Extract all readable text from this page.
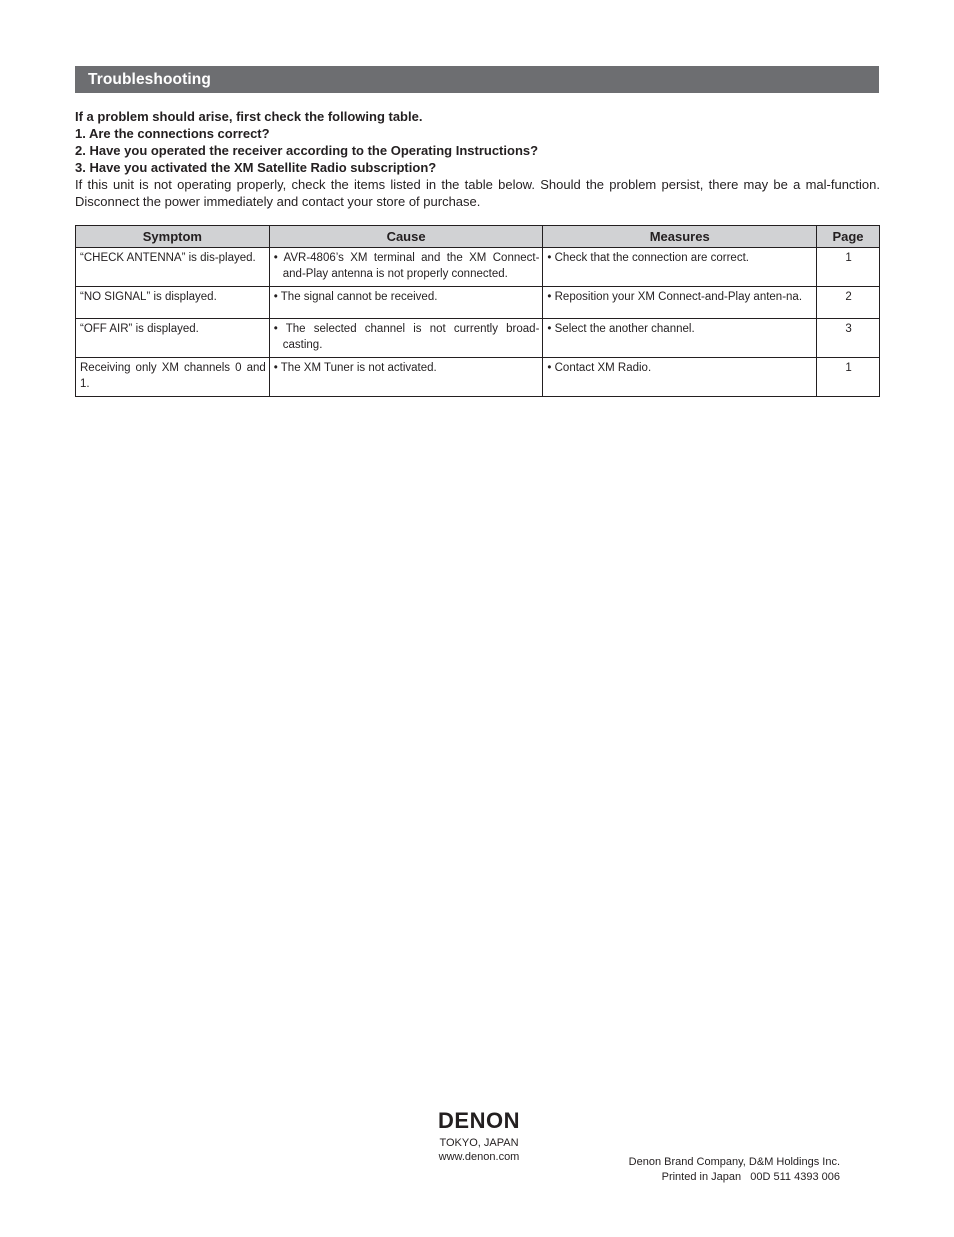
Troubleshooting
If a problem should arise, first check the following table.
1. Are the connections correct?
2. Have you operated the receiver according to the Operating Instructions?
3. Have you activated the XM Satellite Radio subscription?
If this unit is not operating properly, check the items listed in the table below. Should the problem persist, there may be a mal-function. Disconnect the power immediately and contact your store of purchase.
Symptom	Cause	Measures	Page

“CHECK ANTENNA” is dis-played.	• AVR-4806’s XM terminal and the XM Connect-and-Play antenna is not properly connected.	• Check that the connection are correct.	1

“NO SIGNAL” is displayed.	• The signal cannot be received.	• Reposition your XM Connect-and-Play anten-na.	2

“OFF AIR” is displayed.	• The selected channel is not currently broad-casting.	• Select the another channel.	3

Receiving only XM channels 0 and 1.	• The XM Tuner is not activated.	• Contact XM Radio.	1
DENON
TOKYO, JAPAN
www.denon.com	Denon Brand Company, D&M Holdings Inc.
Printed in Japan 00D 511 4393 006
